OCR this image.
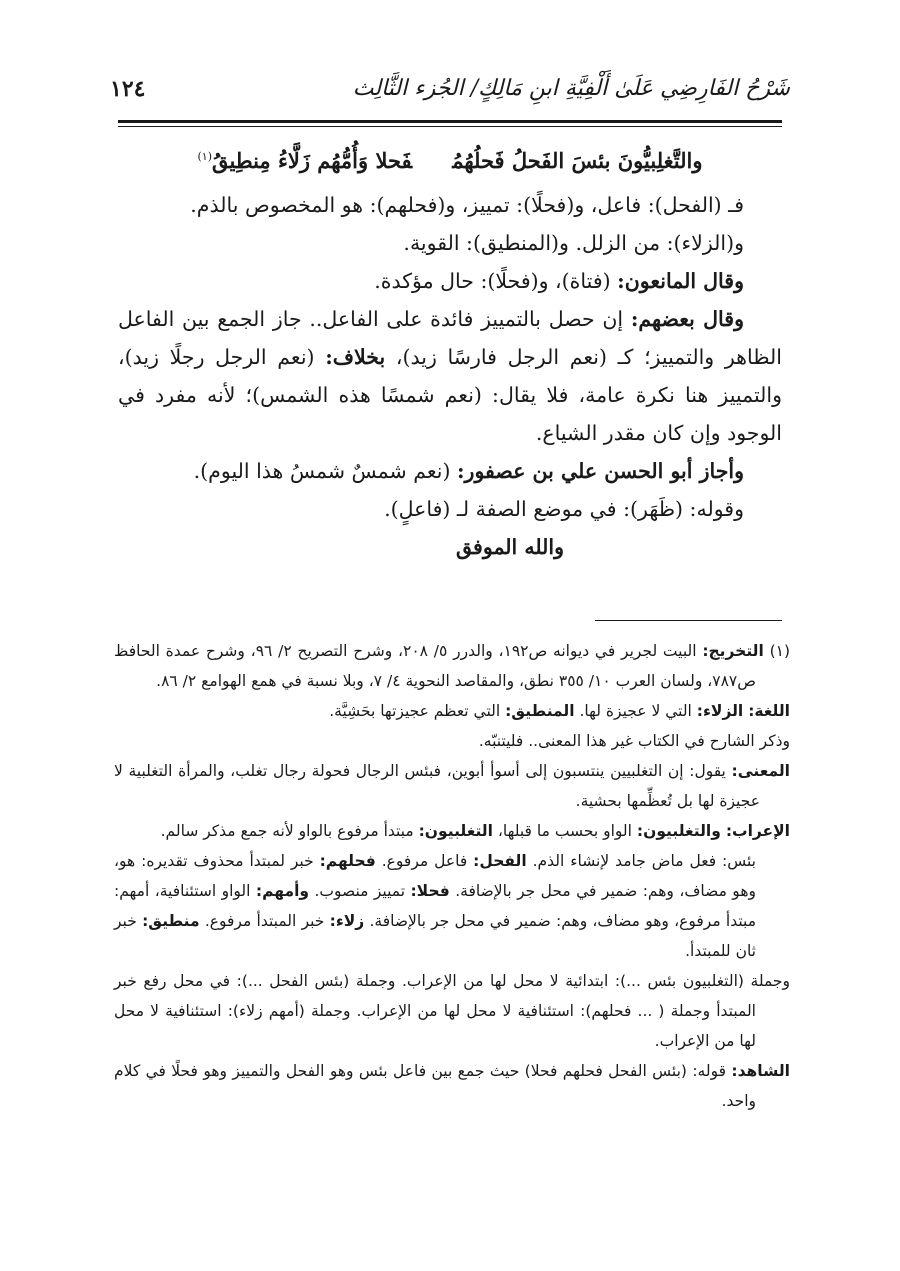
شَرْحُ الفَارِضِي عَلَىٰ أَلْفِيَّةِ ابنِ مَالِكٍ/ الجُزء الثَّالِث
١٢٤
والتَّغلِبيُّونَ بئسَ الفَحلُ فَحلُهُمُفَحلا وَأُمُّهُم زَلَّاءُ مِنطِيقُ$^{(١)}$

فـ (الفحل): فاعل، و(فحلًا): تمييز، و(فحلهم): هو المخصوص بالذم.

و(الزلاء): من الزلل. و(المنطيق): القوية.

وقال المانعون: (فتاة)، و(فحلًا): حال مؤكدة.

وقال بعضهم: إن حصل بالتمييز فائدة على الفاعل.. جاز الجمع بين الفاعل الظاهر والتمييز؛ كـ (نعم الرجل فارسًا زيد)، بخلاف: (نعم الرجل رجلًا زيد)، والتمييز هنا نكرة عامة، فلا يقال: (نعم شمسًا هذه الشمس)؛ لأنه مفرد في الوجود وإن كان مقدر الشياع.

وأجاز أبو الحسن علي بن عصفور: (نعم شمسٌ شمسُ هذا اليوم).

وقوله: (ظَهَر): في موضع الصفة لـ (فاعلٍ).

والله الموفق

(١) التخريج: البيت لجرير في ديوانه ص١٩٢، والدرر ٥/ ٢٠٨، وشرح التصريح ٢/ ٩٦، وشرح عمدة الحافظ ص٧٨٧، ولسان العرب ١٠/ ٣٥٥ نطق، والمقاصد النحوية ٤/ ٧، وبلا نسبة في همع الهوامع ٢/ ٨٦.

اللغة: الزلاء: التي لا عجيزة لها. المنطيق: التي تعظم عجيزتها بحَشِيَّة.

وذكر الشارح في الكتاب غير هذا المعنى.. فليتنبّه.

المعنى: يقول: إن التغلبيين ينتسبون إلى أسوأ أبوين، فبئس الرجال فحولة رجال تغلب، والمرأة التغلبية لا عجيزة لها بل تُعظِّمها بحشية.

الإعراب: والتغلبيون: الواو بحسب ما قبلها، التغلبيون: مبتدأ مرفوع بالواو لأنه جمع مذكر سالم.

بئس: فعل ماض جامد لإنشاء الذم. الفحل: فاعل مرفوع. فحلهم: خبر لمبتدأ محذوف تقديره: هو، وهو مضاف، وهم: ضمير في محل جر بالإضافة. فحلا: تمييز منصوب. وأمهم: الواو استئنافية، أمهم: مبتدأ مرفوع، وهو مضاف، وهم: ضمير في محل جر بالإضافة. زلاء: خبر المبتدأ مرفوع. منطيق: خبر ثان للمبتدأ.

وجملة (التغلبيون بئس ...): ابتدائية لا محل لها من الإعراب. وجملة (بئس الفحل ...): في محل رفع خبر المبتدأ وجملة ( ... فحلهم): استئنافية لا محل لها من الإعراب. وجملة (أمهم زلاء): استئنافية لا محل لها من الإعراب.

الشاهد: قوله: (بئس الفحل فحلهم فحلا) حيث جمع بين فاعل بئس وهو الفحل والتمييز وهو فحلًا في كلام واحد.
